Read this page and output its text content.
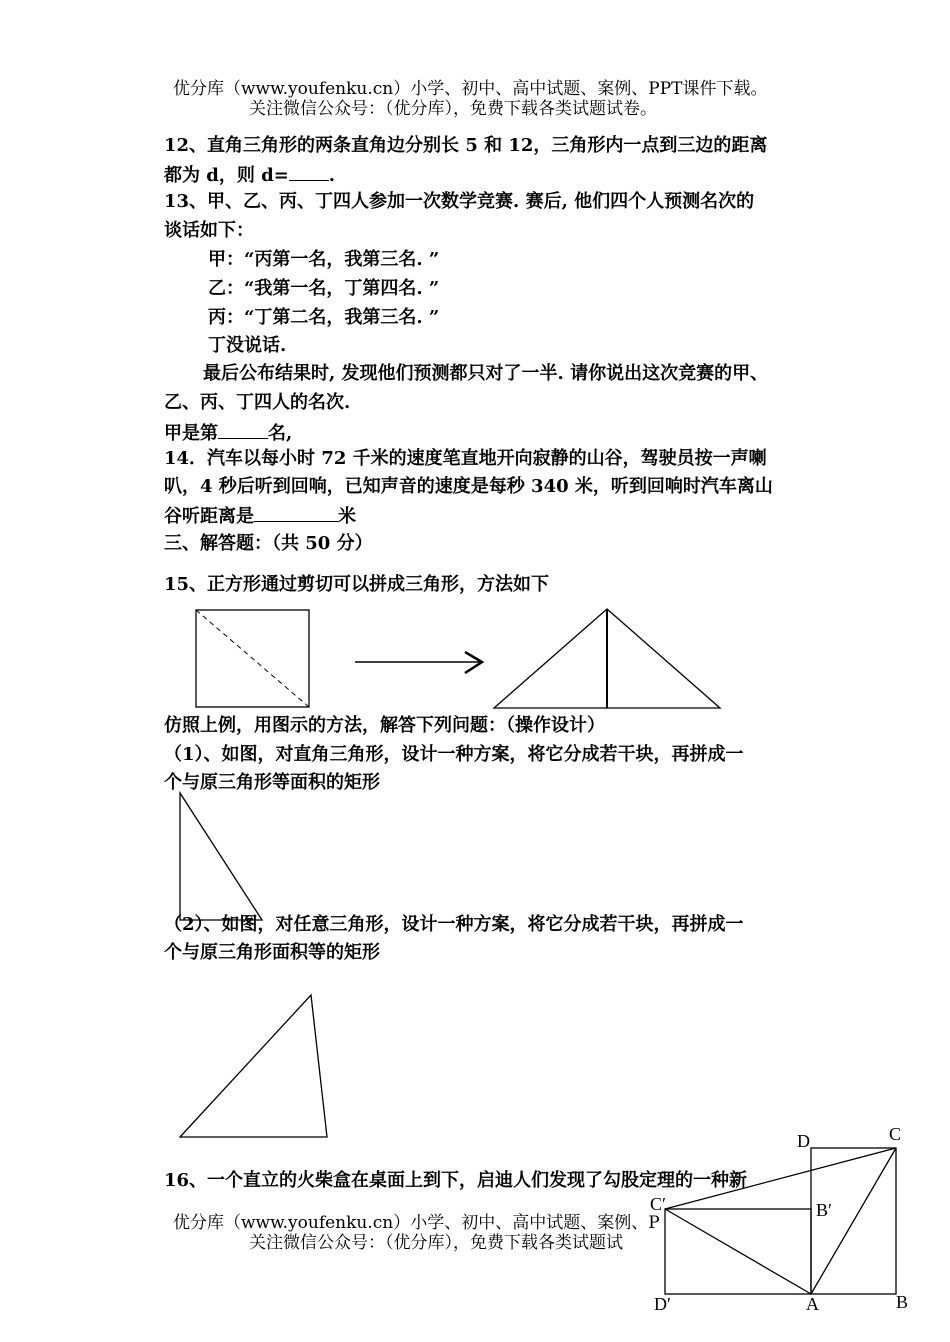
优分库（www.youfenku.cn）小学、初中、高中试题、案例、PPT课件下载。
关注微信公众号：（优分库），免费下载各类试题试卷。
12、直角三角形的两条直角边分别长 5 和 12，三角形内一点到三边的距离
都为 d，则 d= .
13、甲、乙、丙、丁四人参加一次数学竞赛. 赛后, 他们四个人预测名次的
谈话如下：
甲：“丙第一名，我第三名. ”
乙：“我第一名，丁第四名. ”
丙：“丁第二名，我第三名. ”
丁没说话.
最后公布结果时, 发现他们预测都只对了一半. 请你说出这次竞赛的甲、
乙、丙、丁四人的名次.
甲是第	名,
14．汽车以每小时 72 千米的速度笔直地开向寂静的山谷，驾驶员按一声喇
叭，4 秒后听到回响，已知声音的速度是每秒 340 米，听到回响时汽车离山
谷听距离是	米
三、解答题：（共 50 分）
15、正方形通过剪切可以拼成三角形，方法如下
D	C
C′	B′
D′	A	B
仿照上例，用图示的方法，解答下列问题：（操作设计）
（1）、如图，对直角三角形，设计一种方案，将它分成若干块，再拼成一
个与原三角形等面积的矩形
（2）、如图，对任意三角形，设计一种方案，将它分成若干块，再拼成一
个与原三角形面积等的矩形
16、一个直立的火柴盒在桌面上到下，启迪人们发现了勾股定理的一种新
优分库（www.youfenku.cn）小学、初中、高中试题、案例、P
关注微信公众号：（优分库），免费下载各类试题试
